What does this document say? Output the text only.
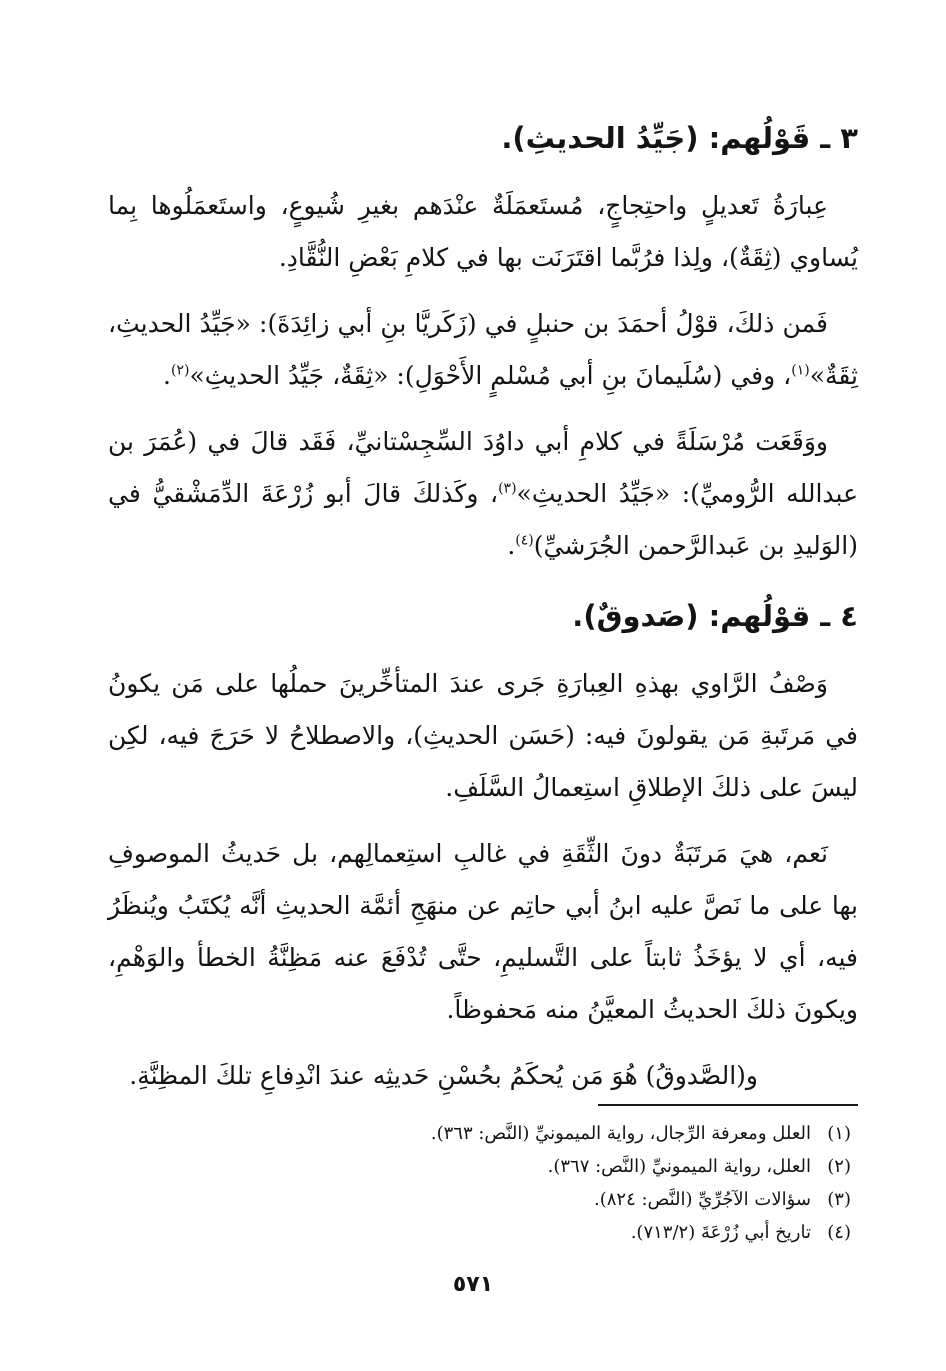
٣ ـ قَوْلُهم: (جَيِّدُ الحديثِ).

عِبارَةُ تَعديلٍ واحتِجاجٍ، مُستَعمَلَةٌ عنْدَهم بغيرِ شُيوعٍ، واستَعمَلُوها بِما يُساوي (ثِقَةٌ)، ولِذا فرُبَّما اقتَرَنَت بها في كلامِ بَعْضِ النُّقَّادِ.

فَمن ذلكَ، قوْلُ أحمَدَ بن حنبلٍ في (زَكَريَّا بنِ أبي زائِدَةَ): «جَيِّدُ الحديثِ، ثِقَةٌ»$^{(١)}$، وفي (سُلَيمانَ بنِ أبي مُسْلمٍ الأَحْوَلِ): «ثِقَةٌ، جَيِّدُ الحديثِ»$^{(٢)}$.

ووَقَعَت مُرْسَلَةً في كلامِ أبي داوُدَ السِّجِسْتانيِّ، فَقَد قالَ في (عُمَرَ بن عبدالله الرُّوميِّ): «جَيِّدُ الحديثِ»$^{(٣)}$، وكَذلكَ قالَ أبو زُرْعَةَ الدِّمَشْقيُّ في (الوَليدِ بن عَبدالرَّحمن الجُرَشيِّ)$^{(٤)}$.

٤ ـ قوْلُهم: (صَدوقٌ).

وَصْفُ الرَّاوي بهذهِ العِبارَةِ جَرى عندَ المتأخِّرينَ حملُها على مَن يكونُ في مَرتَبةِ مَن يقولونَ فيه: (حَسَن الحديثِ)، والاصطلاحُ لا حَرَجَ فيه، لكِن ليسَ على ذلكَ الإطلاقِ استِعمالُ السَّلَفِ.

نَعم، هيَ مَرتَبَةٌ دونَ الثِّقَةِ في غالبِ استِعمالِهم، بل حَديثُ الموصوفِ بها على ما نَصَّ عليه ابنُ أبي حاتِم عن منهَجِ أئمَّة الحديثِ أنَّه يُكتَبُ ويُنظَرُ فيه، أي لا يؤخَذُ ثابتاً على التَّسليمِ، حتَّى تُدْفَعَ عنه مَظِنَّةُ الخطأ والوَهْمِ، ويكونَ ذلكَ الحديثُ المعيَّنُ منه مَحفوظاً.

و(الصَّدوقُ) هُوَ مَن يُحكَمُ بحُسْنِ حَديثِه عندَ انْدِفاعِ تلكَ المظِنَّةِ.

(١)العلل ومعرفة الرِّجال، رواية الميمونيِّ (النَّص: ٣٦٣).
(٢)العلل، رواية الميمونيِّ (النَّص: ٣٦٧).
(٣)سؤالات الآجُرِّيِّ (النَّص: ٨٢٤).
(٤)تاريخ أبي زُرْعَةَ (٧١٣/٢).
٥٧١
